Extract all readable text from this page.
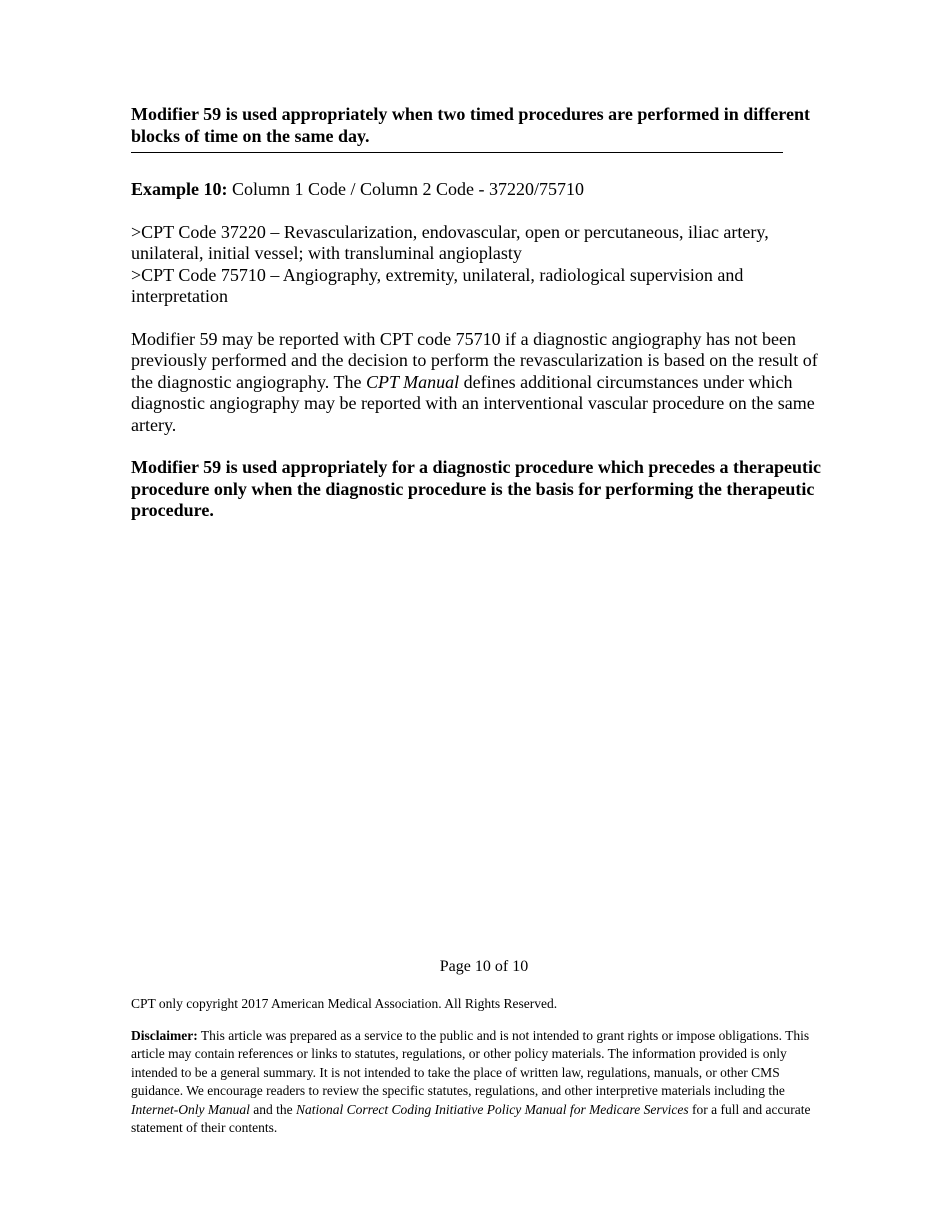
Modifier 59 is used appropriately when two timed procedures are performed in different blocks of time on the same day.

Example 10: Column 1 Code / Column 2 Code - 37220/75710

>CPT Code 37220 – Revascularization, endovascular, open or percutaneous, iliac artery, unilateral, initial vessel; with transluminal angioplasty

>CPT Code 75710 – Angiography, extremity, unilateral, radiological supervision and interpretation

Modifier 59 may be reported with CPT code 75710 if a diagnostic angiography has not been previously performed and the decision to perform the revascularization is based on the result of the diagnostic angiography. The CPT Manual defines additional circumstances under which diagnostic angiography may be reported with an interventional vascular procedure on the same artery.

Modifier 59 is used appropriately for a diagnostic procedure which precedes a therapeutic procedure only when the diagnostic procedure is the basis for performing the therapeutic procedure.

Page 10 of 10

CPT only copyright 2017 American Medical Association. All Rights Reserved.

Disclaimer: This article was prepared as a service to the public and is not intended to grant rights or impose obligations. This article may contain references or links to statutes, regulations, or other policy materials. The information provided is only intended to be a general summary. It is not intended to take the place of written law, regulations, manuals, or other CMS guidance. We encourage readers to review the specific statutes, regulations, and other interpretive materials including the Internet-Only Manual and the National Correct Coding Initiative Policy Manual for Medicare Services for a full and accurate statement of their contents.
